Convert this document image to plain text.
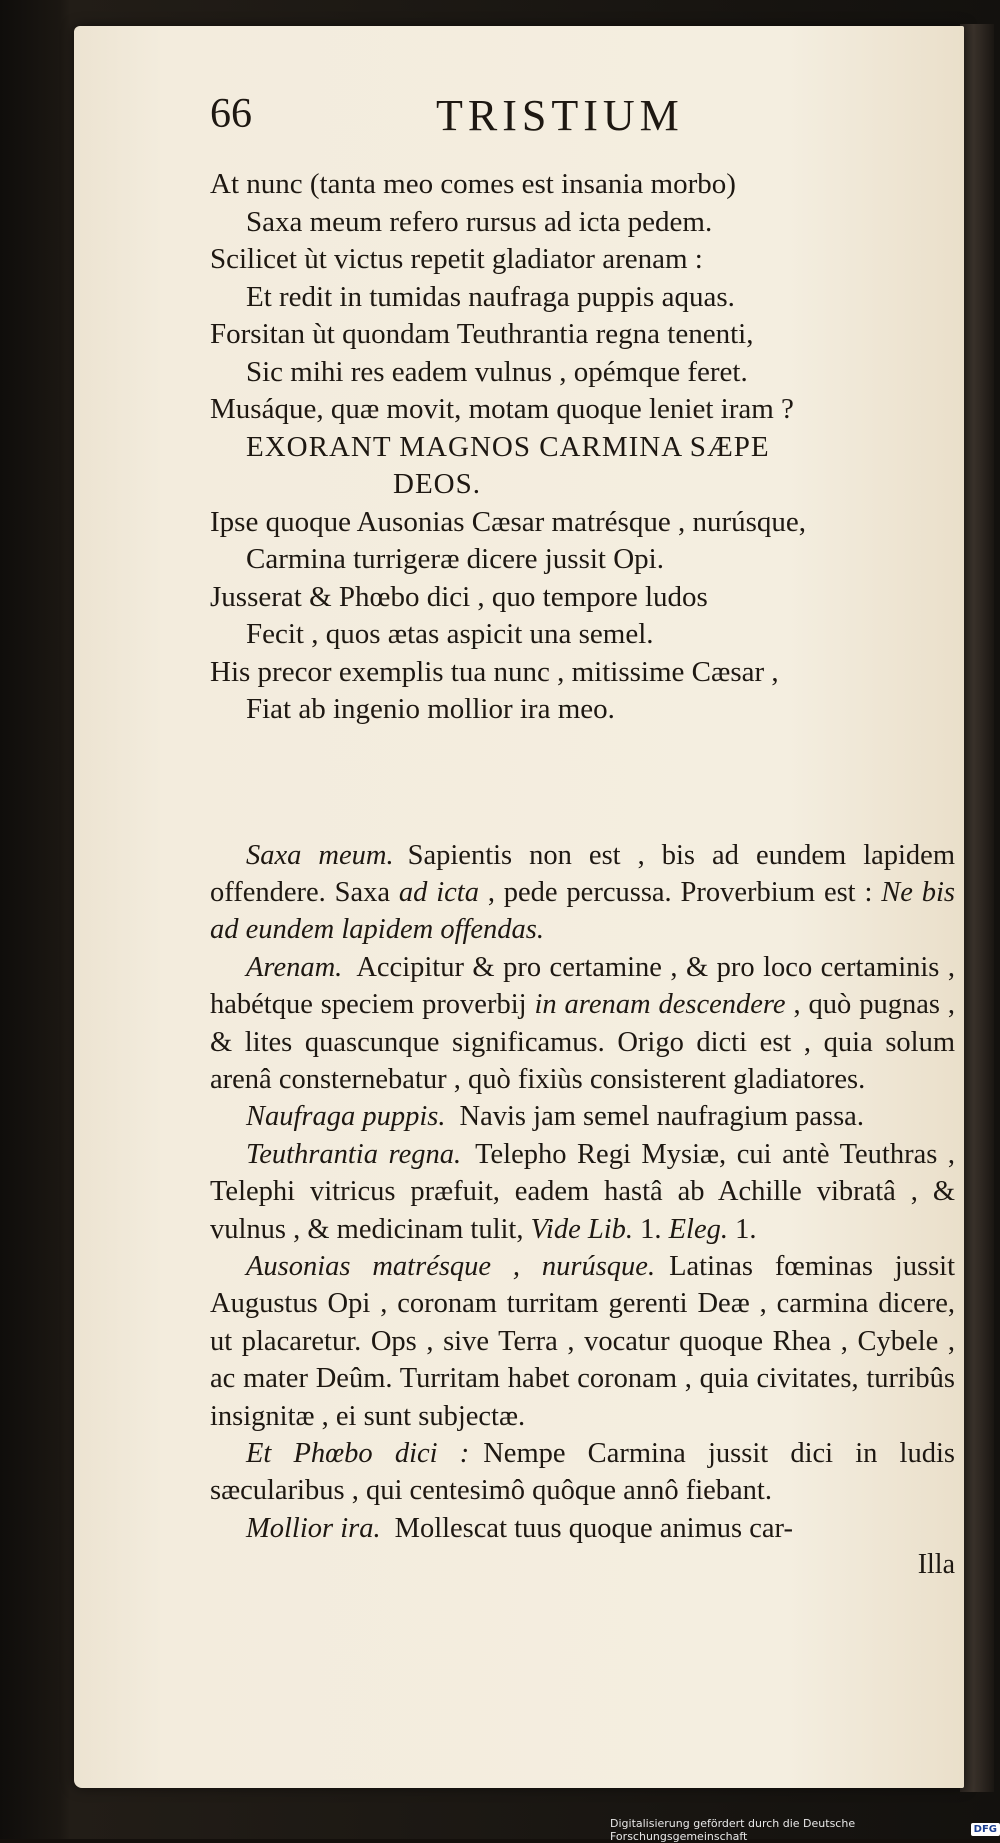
66	TRISTIUM
At nunc (tanta meo comes est insania morbo)
Saxa meum refero rursus ad icta pedem.
Scilicet ùt victus repetit gladiator arenam :
Et redit in tumidas naufraga puppis aquas.
Forsitan ùt quondam Teuthrantia regna tenenti,
Sic mihi res eadem vulnus , opémque feret.
Musáque, quæ movit, motam quoque leniet iram ?
EXORANT MAGNOS CARMINA SÆPE
DEOS.
Ipse quoque Ausonias Cæsar matrésque , nurúsque,
Carmina turrigeræ dicere jussit Opi.
Jusserat & Phœbo dici , quo tempore ludos
Fecit , quos ætas aspicit una semel.
His precor exemplis tua nunc , mitissime Cæsar ,
Fiat ab ingenio mollior ira meo.

Saxa meum. Sapientis non est , bis ad eundem lapidem offendere. Saxa ad icta , pede percussa. Proverbium est : Ne bis ad eundem lapidem offendas.

Arenam. Accipitur & pro certamine , & pro loco certaminis , habétque speciem proverbij in arenam descendere , quò pugnas , & lites quascunque significamus. Origo dicti est , quia solum arenâ consternebatur , quò fixiùs consisterent gladiatores.

Naufraga puppis. Navis jam semel naufragium passa.

Teuthrantia regna. Telepho Regi Mysiæ, cui antè Teuthras , Telephi vitricus præfuit, eadem hastâ ab Achille vibratâ , & vulnus , & medicinam tulit, Vide Lib. 1. Eleg. 1.

Ausonias matrésque , nurúsque. Latinas fœminas jussit Augustus Opi , coronam turritam gerenti Deæ , carmina dicere, ut placaretur. Ops , sive Terra , vocatur quoque Rhea , Cybele , ac mater Deûm. Turritam habet coronam , quia civitates, turribûs insignitæ , ei sunt subjectæ.

Et Phœbo dici : Nempe Carmina jussit dici in ludis sæcularibus , qui centesimô quôque annô fiebant.

Mollior ira. Mollescat tuus quoque animus car-

Illa
Digitalisierung gefördert durch die Deutsche Forschungsgemeinschaft	DFG
